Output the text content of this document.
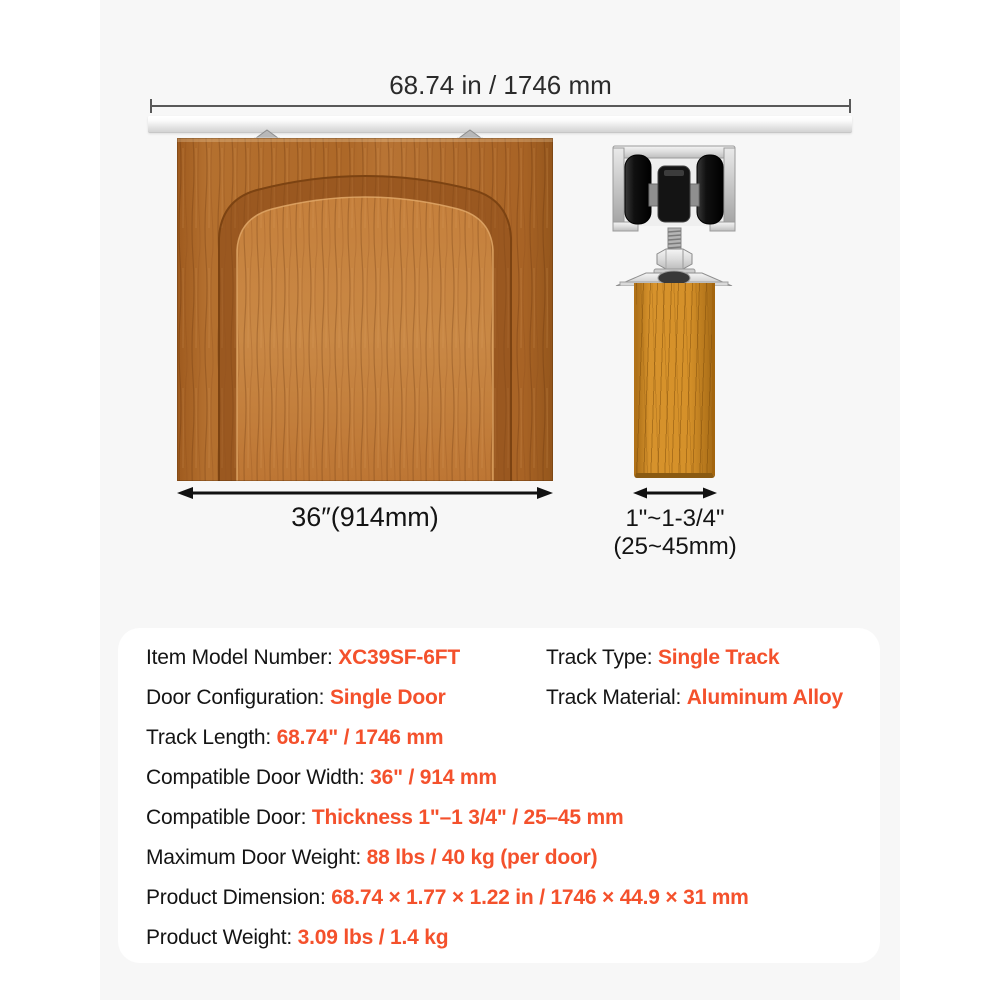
68.74 in / 1746 mm
36″(914mm)	1"~1-3/4"
(25~45mm)
Item Model Number: XC39SF-6FT	Track Type: Single Track
Door Configuration: Single Door	Track Material: Aluminum Alloy
Track Length: 68.74" / 1746 mm
Compatible Door Width: 36" / 914 mm
Compatible Door: Thickness 1"–1 3/4" / 25–45 mm
Maximum Door Weight: 88 lbs / 40 kg (per door)
Product Dimension: 68.74 × 1.77 × 1.22 in / 1746 × 44.9 × 31 mm
Product Weight: 3.09 lbs / 1.4 kg
